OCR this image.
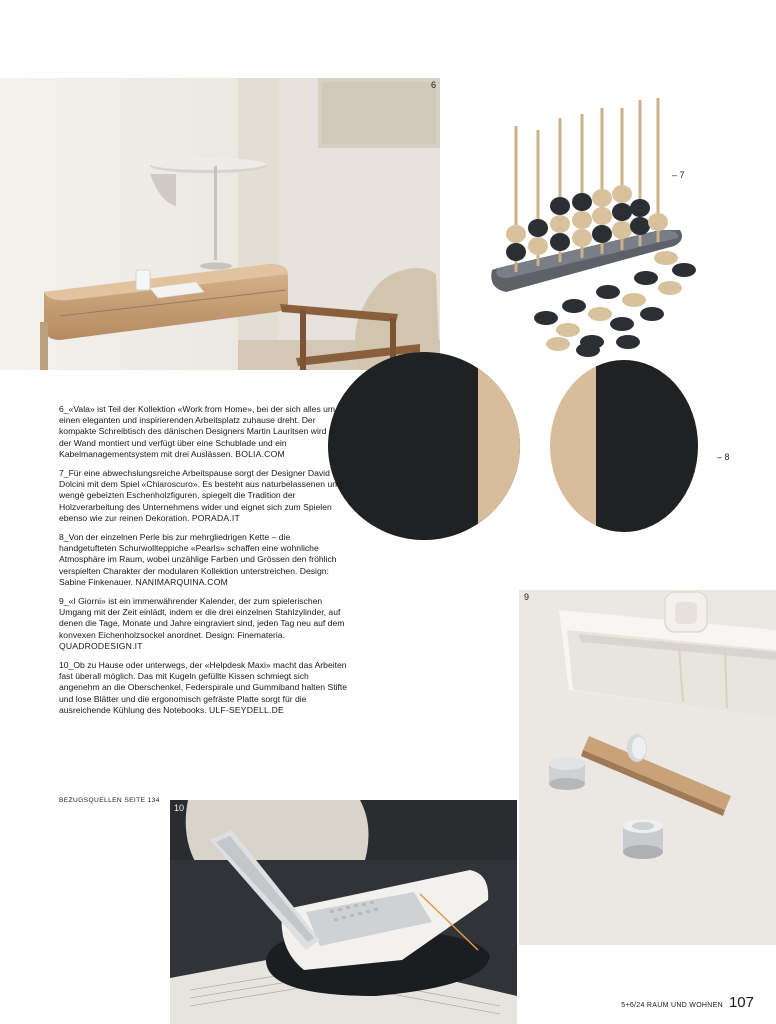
6
– 7
– 8

6_«Vala» ist Teil der Kollektion «Work from Home», bei der sich alles um einen eleganten und inspirierenden Arbeitsplatz zuhause dreht. Der kompakte Schreibtisch des dänischen Designers Martin Lauritsen wird an der Wand montiert und verfügt über eine Schublade und ein Kabelmanagementsystem mit drei Auslässen. BOLIA.COM

7_Für eine abwechslungsreiche Arbeitspause sorgt der Designer David Dolcini mit dem Spiel «Chiaroscuro». Es besteht aus naturbelassenen und wengé gebeizten Eschenholzfiguren, spiegelt die Tradition der Holzverarbeitung des Unternehmens wider und eignet sich zum Spielen ebenso wie zur reinen Dekoration. PORADA.IT

8_Von der einzelnen Perle bis zur mehrgliedrigen Kette – die handgetufteten Schurwollteppiche «Pearls» schaffen eine wohnliche Atmosphäre im Raum, wobei unzählige Farben und Grössen den fröhlich verspielten Charakter der modularen Kollektion unterstreichen. Design: Sabine Finkenauer. NANIMARQUINA.COM

9_«I Giorni» ist ein immerwährender Kalender, der zum spielerischen Umgang mit der Zeit einlädt, indem er die drei einzelnen Stahlzylinder, auf denen die Tage, Monate und Jahre eingraviert sind, jeden Tag neu auf dem konvexen Eichenholzsockel anordnet. Design: Finemateria. QUADRODESIGN.IT

10_Ob zu Hause oder unterwegs, der «Helpdesk Maxi» macht das Arbeiten fast überall möglich. Das mit Kugeln gefüllte Kissen schmiegt sich angenehm an die Oberschenkel, Federspirale und Gummiband halten Stifte und lose Blätter und die ergonomisch gefräste Platte sorgt für die ausreichende Kühlung des Notebooks. ULF-SEYDELL.DE

BEZUGSQUELLEN SEITE 134
9
10
5+6/24 RAUM UND WOHNEN 107
